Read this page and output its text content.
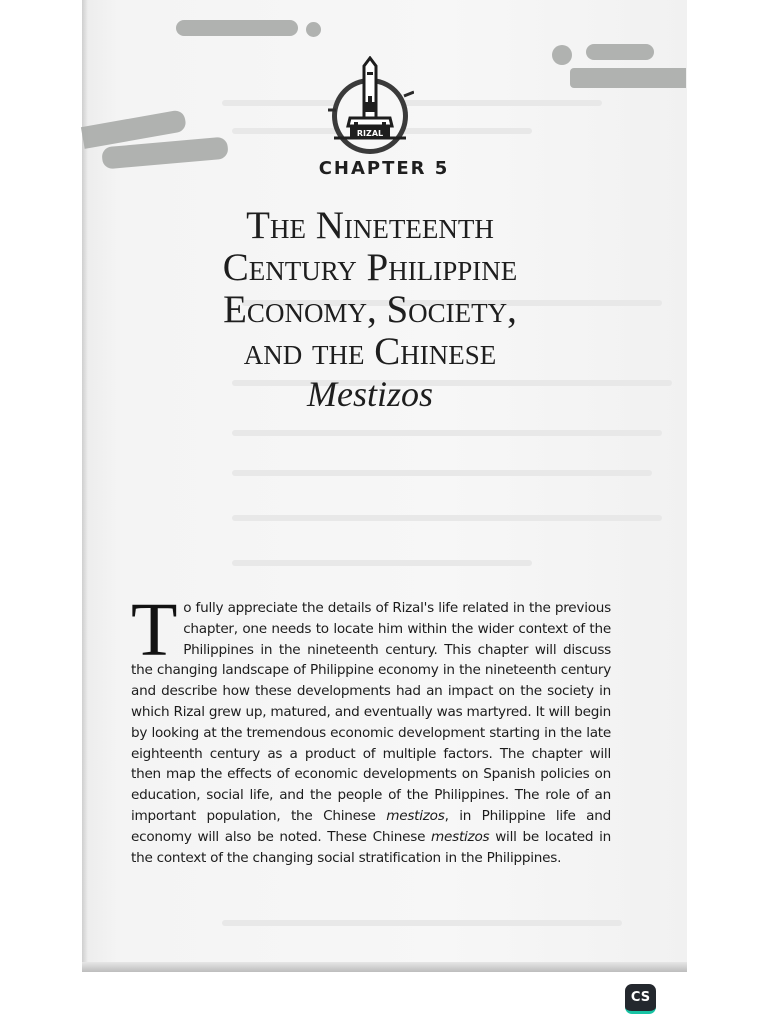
RIZAL
CHAPTER 5
The Nineteenth
Century Philippine
Economy, Society,
and the Chinese
Mestizos
To fully appreciate the details of Rizal's life related in the previous chapter, one needs to locate him within the wider context of the Philippines in the nineteenth century. This chapter will discuss the changing landscape of Philippine economy in the nineteenth century and describe how these developments had an impact on the society in which Rizal grew up, matured, and eventually was martyred. It will begin by looking at the tremendous economic development starting in the late eighteenth century as a product of multiple factors. The chapter will then map the effects of economic developments on Spanish policies on education, social life, and the people of the Philippines. The role of an important population, the Chinese mestizos, in Philippine life and economy will also be noted. These Chinese mestizos will be located in the context of the changing social stratification in the Philippines.
CS
